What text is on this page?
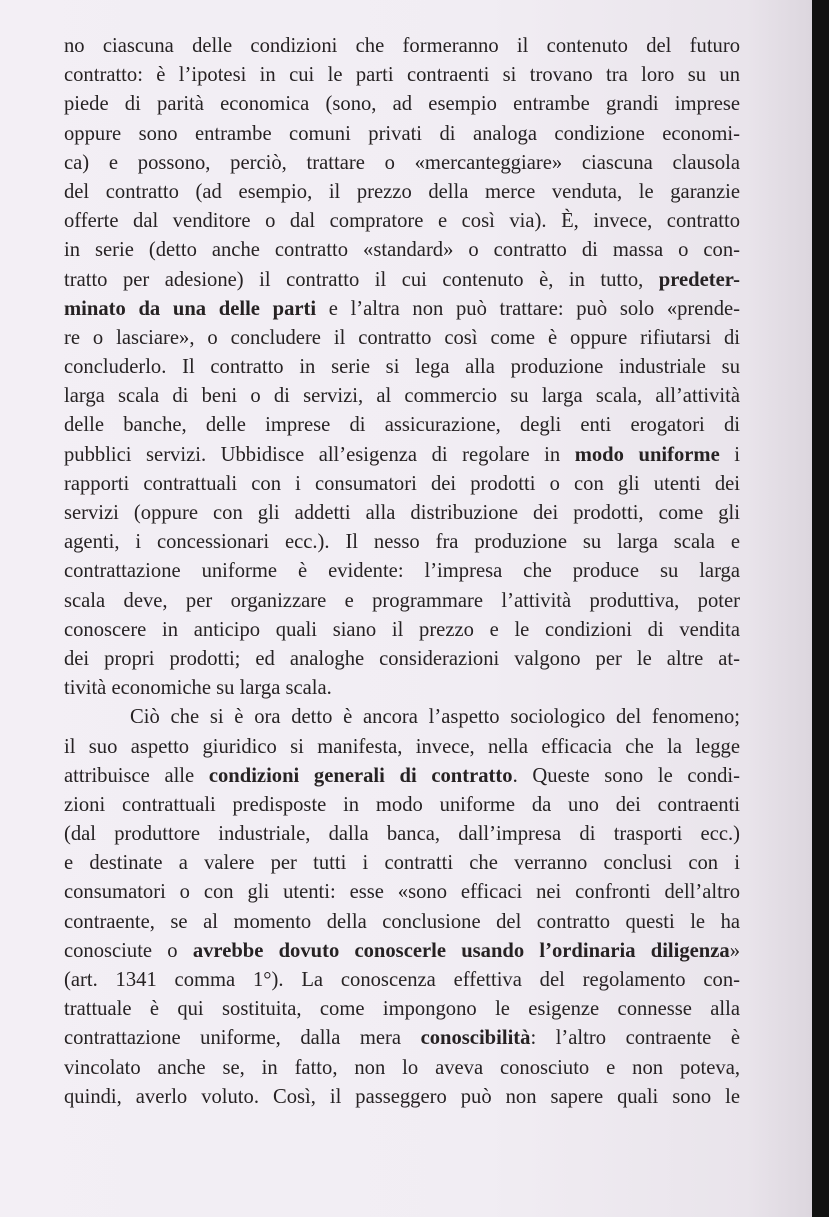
no ciascuna delle condizioni che formeranno il contenuto del futuro
contratto: è l’ipotesi in cui le parti contraenti si trovano tra loro su un
piede di parità economica (sono, ad esempio entrambe grandi imprese
oppure sono entrambe comuni privati di analoga condizione economi-
ca) e possono, perciò, trattare o «mercanteggiare» ciascuna clausola
del contratto (ad esempio, il prezzo della merce venduta, le garanzie
offerte dal venditore o dal compratore e così via). È, invece, contratto
in serie (detto anche contratto «standard» o contratto di massa o con-
tratto per adesione) il contratto il cui contenuto è, in tutto, predeter-
minato da una delle parti e l’altra non può trattare: può solo «prende-
re o lasciare», o concludere il contratto così come è oppure rifiutarsi di
concluderlo. Il contratto in serie si lega alla produzione industriale su
larga scala di beni o di servizi, al commercio su larga scala, all’attività
delle banche, delle imprese di assicurazione, degli enti erogatori di
pubblici servizi. Ubbidisce all’esigenza di regolare in modo uniforme i
rapporti contrattuali con i consumatori dei prodotti o con gli utenti dei
servizi (oppure con gli addetti alla distribuzione dei prodotti, come gli
agenti, i concessionari ecc.). Il nesso fra produzione su larga scala e
contrattazione uniforme è evidente: l’impresa che produce su larga
scala deve, per organizzare e programmare l’attività produttiva, poter
conoscere in anticipo quali siano il prezzo e le condizioni di vendita
dei propri prodotti; ed analoghe considerazioni valgono per le altre at-
tività economiche su larga scala.
Ciò che si è ora detto è ancora l’aspetto sociologico del fenomeno;
il suo aspetto giuridico si manifesta, invece, nella efficacia che la legge
attribuisce alle condizioni generali di contratto. Queste sono le condi-
zioni contrattuali predisposte in modo uniforme da uno dei contraenti
(dal produttore industriale, dalla banca, dall’impresa di trasporti ecc.)
e destinate a valere per tutti i contratti che verranno conclusi con i
consumatori o con gli utenti: esse «sono efficaci nei confronti dell’altro
contraente, se al momento della conclusione del contratto questi le ha
conosciute o avrebbe dovuto conoscerle usando l’ordinaria diligenza»
(art. 1341 comma 1°). La conoscenza effettiva del regolamento con-
trattuale è qui sostituita, come impongono le esigenze connesse alla
contrattazione uniforme, dalla mera conoscibilità: l’altro contraente è
vincolato anche se, in fatto, non lo aveva conosciuto e non poteva,
quindi, averlo voluto. Così, il passeggero può non sapere quali sono le
